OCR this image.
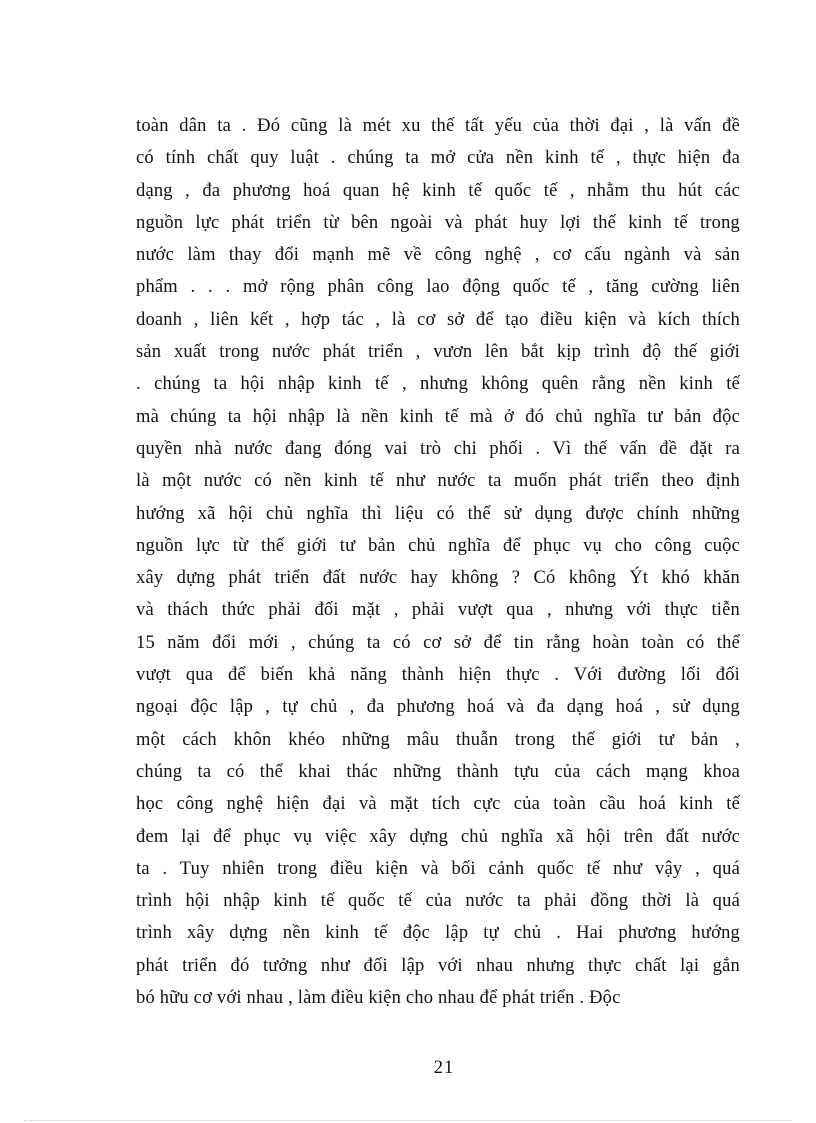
toàn dân ta . Đó cũng là mét xu thế tất yếu của thời đại , là vấn đề
có tính chất quy luật . chúng ta mở cửa nền kinh tế , thực hiện đa
dạng , đa phương hoá quan hệ kinh tế quốc tế , nhằm thu hút các
nguồn lực phát triển từ bên ngoài và phát huy lợi thế kinh tế trong
nước làm thay đổi mạnh mẽ về công nghệ , cơ cấu ngành và sản
phẩm . . . mở rộng phân công lao động quốc tế , tăng cường liên
doanh , liên kết , hợp tác , là cơ sở để tạo điều kiện và kích thích
sản xuất trong nước phát triển , vươn lên bắt kịp trình độ thế giới
. chúng ta hội nhập kinh tế , nhưng không quên rằng nền kinh tế
mà chúng ta hội nhập là nền kinh tế mà ở đó chủ nghĩa tư bản độc
quyền nhà nước đang đóng vai trò chi phối . Vì thế vấn đề đặt ra
là một nước có nền kinh tế như nước ta muốn phát triển theo định
hướng xã hội chủ nghĩa thì liệu có thể sử dụng được chính những
nguồn lực từ thế giới tư bản chủ nghĩa để phục vụ cho công cuộc
xây dựng phát triển đất nước hay không ? Có không Ýt khó khăn
và thách thức phải đối mặt , phải vượt qua , nhưng với thực tiễn
15 năm đổi mới , chúng ta có cơ sở để tin rằng hoàn toàn có thể
vượt qua để biến khả năng thành hiện thực . Với đường lối đối
ngoại độc lập , tự chủ , đa phương hoá và đa dạng hoá , sử dụng
một cách khôn khéo những mâu thuẫn trong thế giới tư bản ,
chúng ta có thể khai thác những thành tựu của cách mạng khoa
học công nghệ hiện đại và mặt tích cực của toàn cầu hoá kinh tế
đem lại để phục vụ việc xây dựng chủ nghĩa xã hội trên đất nước
ta . Tuy nhiên trong điều kiện và bối cảnh quốc tế như vậy , quá
trình hội nhập kinh tế quốc tế của nước ta phải đồng thời là quá
trình xây dựng nền kinh tế độc lập tự chủ . Hai phương hướng
phát triển đó tưởng như đối lập với nhau nhưng thực chất lại gắn
bó hữu cơ với nhau , làm điều kiện cho nhau để phát triển . Độc
21
